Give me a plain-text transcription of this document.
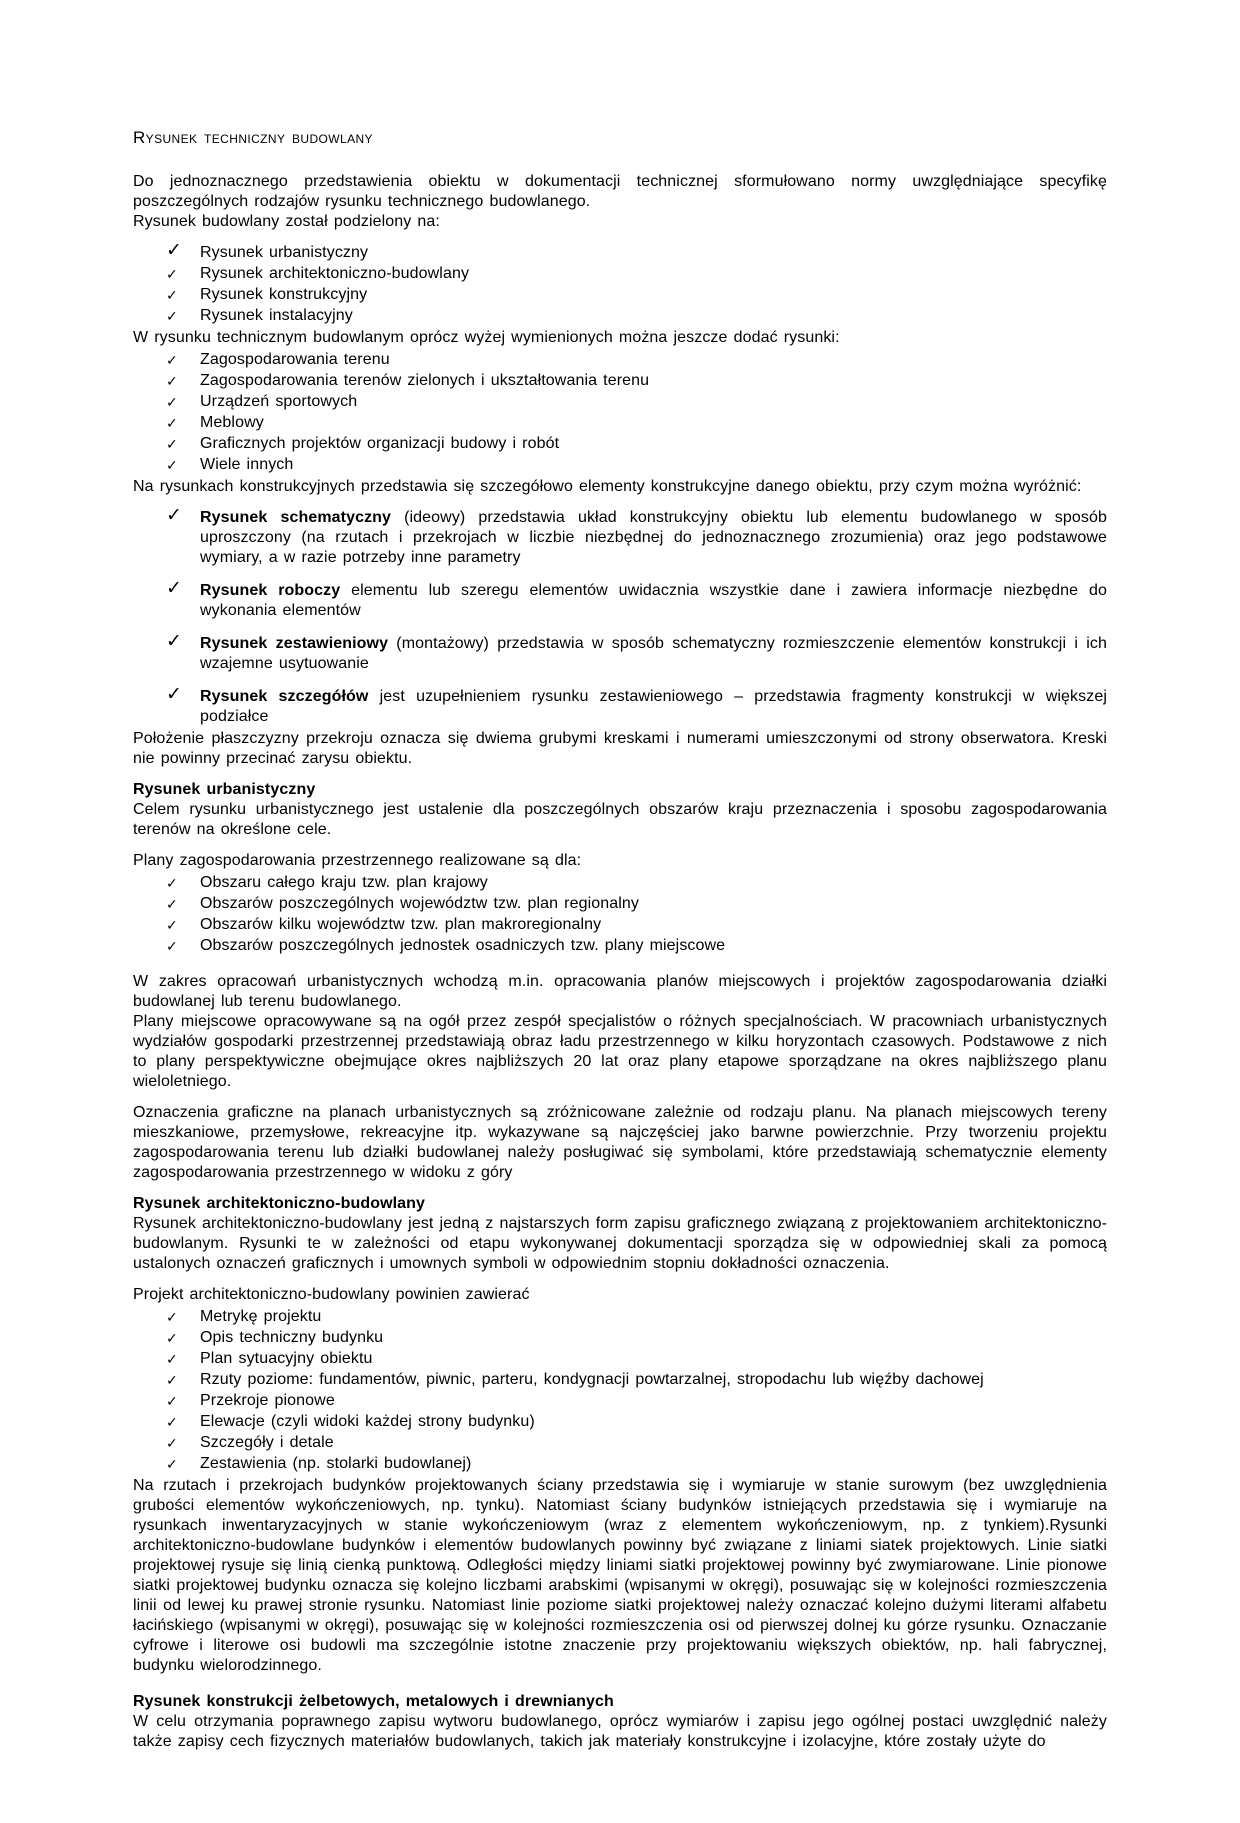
Rysunek techniczny budowlany
Do jednoznacznego przedstawienia obiektu w dokumentacji technicznej sformułowano normy uwzględniające specyfikę poszczególnych rodzajów rysunku technicznego budowlanego.
Rysunek budowlany został podzielony na:
✓ Rysunek urbanistyczny
✓ Rysunek architektoniczno-budowlany
✓ Rysunek konstrukcyjny
✓ Rysunek instalacyjny
W rysunku technicznym budowlanym oprócz wyżej wymienionych można jeszcze dodać rysunki:
✓ Zagospodarowania terenu
✓ Zagospodarowania terenów zielonych i ukształtowania terenu
✓ Urządzeń sportowych
✓ Meblowy
✓ Graficznych projektów organizacji budowy i robót
✓ Wiele innych
Na rysunkach konstrukcyjnych przedstawia się szczegółowo elementy konstrukcyjne danego obiektu, przy czym można wyróżnić:
✓ Rysunek schematyczny (ideowy) przedstawia układ konstrukcyjny obiektu lub elementu budowlanego w sposób uproszczony (na rzutach i przekrojach w liczbie niezbędnej do jednoznacznego zrozumienia) oraz jego podstawowe wymiary, a w razie potrzeby inne parametry
✓ Rysunek roboczy elementu lub szeregu elementów uwidacznia wszystkie dane i zawiera informacje niezbędne do wykonania elementów
✓ Rysunek zestawieniowy (montażowy) przedstawia w sposób schematyczny rozmieszczenie elementów konstrukcji i ich wzajemne usytuowanie
✓ Rysunek szczegółów jest uzupełnieniem rysunku zestawieniowego – przedstawia fragmenty konstrukcji w większej podziałce
Położenie płaszczyzny przekroju oznacza się dwiema grubymi kreskami i numerami umieszczonymi od strony obserwatora. Kreski nie powinny przecinać zarysu obiektu.
Rysunek urbanistyczny
Celem rysunku urbanistycznego jest ustalenie dla poszczególnych obszarów kraju przeznaczenia i sposobu zagospodarowania terenów na określone cele.
Plany zagospodarowania przestrzennego realizowane są dla:
✓ Obszaru całego kraju tzw. plan krajowy
✓ Obszarów poszczególnych województw tzw. plan regionalny
✓ Obszarów kilku województw tzw. plan makroregionalny
✓ Obszarów poszczególnych jednostek osadniczych tzw. plany miejscowe
W zakres opracowań urbanistycznych wchodzą m.in. opracowania planów miejscowych i projektów zagospodarowania działki budowlanej lub terenu budowlanego.
Plany miejscowe opracowywane są na ogół przez zespół specjalistów o różnych specjalnościach. W pracowniach urbanistycznych wydziałów gospodarki przestrzennej przedstawiają obraz ładu przestrzennego w kilku horyzontach czasowych. Podstawowe z nich to plany perspektywiczne obejmujące okres najbliższych 20 lat oraz plany etapowe sporządzane na okres najbliższego planu wieloletniego.
Oznaczenia graficzne na planach urbanistycznych są zróżnicowane zależnie od rodzaju planu. Na planach miejscowych tereny mieszkaniowe, przemysłowe, rekreacyjne itp. wykazywane są najczęściej jako barwne powierzchnie. Przy tworzeniu projektu zagospodarowania terenu lub działki budowlanej należy posługiwać się symbolami, które przedstawiają schematycznie elementy zagospodarowania przestrzennego w widoku z góry
Rysunek architektoniczno-budowlany
Rysunek architektoniczno-budowlany jest jedną z najstarszych form zapisu graficznego związaną z projektowaniem architektoniczno-budowlanym. Rysunki te w zależności od etapu wykonywanej dokumentacji sporządza się w odpowiedniej skali za pomocą ustalonych oznaczeń graficznych i umownych symboli w odpowiednim stopniu dokładności oznaczenia.
Projekt architektoniczno-budowlany powinien zawierać
✓ Metrykę projektu
✓ Opis techniczny budynku
✓ Plan sytuacyjny obiektu
✓ Rzuty poziome: fundamentów, piwnic, parteru, kondygnacji powtarzalnej, stropodachu lub więźby dachowej
✓ Przekroje pionowe
✓ Elewacje (czyli widoki każdej strony budynku)
✓ Szczegóły i detale
✓ Zestawienia (np. stolarki budowlanej)
Na rzutach i przekrojach budynków projektowanych ściany przedstawia się i wymiaruje w stanie surowym (bez uwzględnienia grubości elementów wykończeniowych, np. tynku). Natomiast ściany budynków istniejących przedstawia się i wymiaruje na rysunkach inwentaryzacyjnych w stanie wykończeniowym (wraz z elementem wykończeniowym, np. z tynkiem).Rysunki architektoniczno-budowlane budynków i elementów budowlanych powinny być związane z liniami siatek projektowych. Linie siatki projektowej rysuje się linią cienką punktową. Odległości między liniami siatki projektowej powinny być zwymiarowane. Linie pionowe siatki projektowej budynku oznacza się kolejno liczbami arabskimi (wpisanymi w okręgi), posuwając się w kolejności rozmieszczenia linii od lewej ku prawej stronie rysunku. Natomiast linie poziome siatki projektowej należy oznaczać kolejno dużymi literami alfabetu łacińskiego (wpisanymi w okręgi), posuwając się w kolejności rozmieszczenia osi od pierwszej dolnej ku górze rysunku. Oznaczanie cyfrowe i literowe osi budowli ma szczególnie istotne znaczenie przy projektowaniu większych obiektów, np. hali fabrycznej, budynku wielorodzinnego.
Rysunek konstrukcji żelbetowych, metalowych i drewnianych
W celu otrzymania poprawnego zapisu wytworu budowlanego, oprócz wymiarów i zapisu jego ogólnej postaci uwzględnić należy także zapisy cech fizycznych materiałów budowlanych, takich jak materiały konstrukcyjne i izolacyjne, które zostały użyte do
